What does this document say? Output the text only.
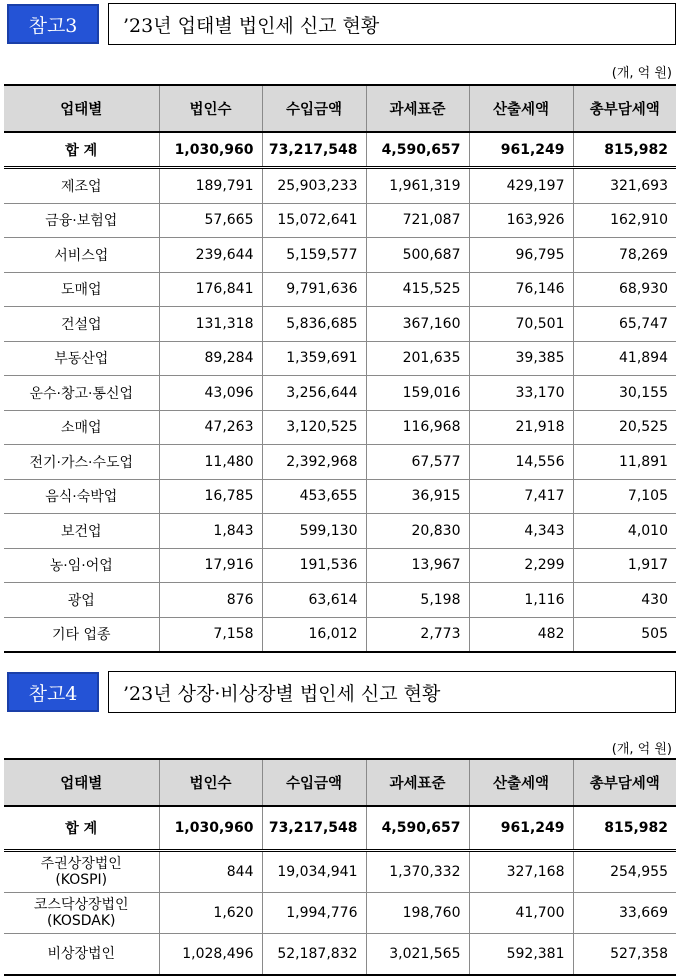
참고3	’23년 업태별 법인세 신고 현황
(개, 억 원)
업태별	법인수	수입금액	과세표준	산출세액	총부담세액
합 계	1,030,960	73,217,548	4,590,657	961,249	815,982
제조업	189,791	25,903,233	1,961,319	429,197	321,693
금융·보험업	57,665	15,072,641	721,087	163,926	162,910
서비스업	239,644	5,159,577	500,687	96,795	78,269
도매업	176,841	9,791,636	415,525	76,146	68,930
건설업	131,318	5,836,685	367,160	70,501	65,747
부동산업	89,284	1,359,691	201,635	39,385	41,894
운수·창고·통신업	43,096	3,256,644	159,016	33,170	30,155
소매업	47,263	3,120,525	116,968	21,918	20,525
전기·가스·수도업	11,480	2,392,968	67,577	14,556	11,891
음식·숙박업	16,785	453,655	36,915	7,417	7,105
보건업	1,843	599,130	20,830	4,343	4,010
농·임·어업	17,916	191,536	13,967	2,299	1,917
광업	876	63,614	5,198	1,116	430
기타 업종	7,158	16,012	2,773	482	505
참고4	’23년 상장·비상장별 법인세 신고 현황
(개, 억 원)
업태별	법인수	수입금액	과세표준	산출세액	총부담세액
합 계	1,030,960	73,217,548	4,590,657	961,249	815,982

주권상장법인
(KOSPI)	844	19,034,941	1,370,332	327,168	254,955

코스닥상장법인
(KOSDAK)	1,620	1,994,776	198,760	41,700	33,669

비상장법인	1,028,496	52,187,832	3,021,565	592,381	527,358
